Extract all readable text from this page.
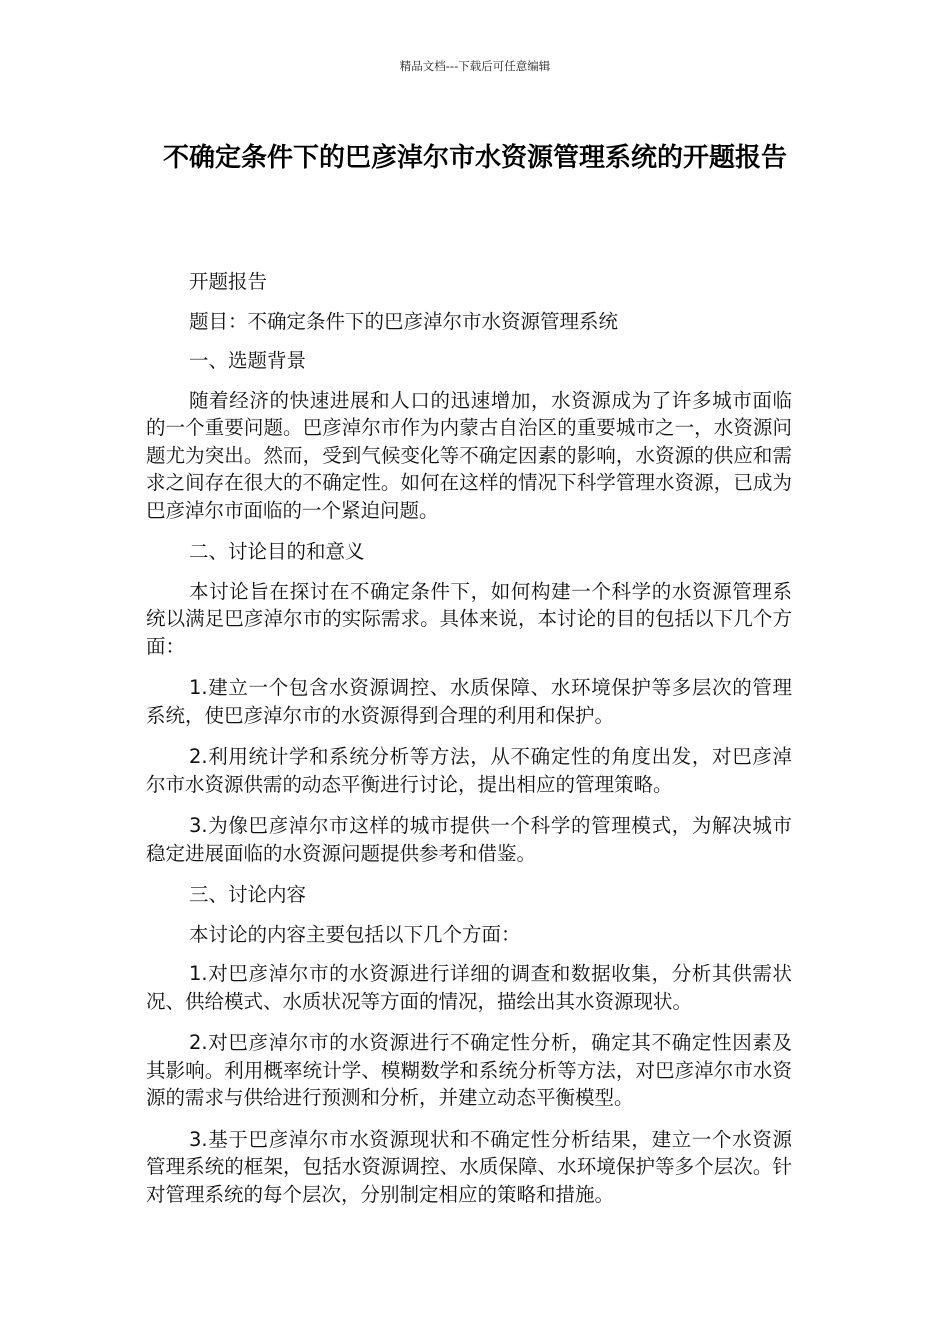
精品文档---下载后可任意编辑
不确定条件下的巴彦淖尔市水资源管理系统的开题报告

开题报告

题目：不确定条件下的巴彦淖尔市水资源管理系统

一、选题背景

随着经济的快速进展和人口的迅速增加，水资源成为了许多城市面临的一个重要问题。巴彦淖尔市作为内蒙古自治区的重要城市之一，水资源问题尤为突出。然而，受到气候变化等不确定因素的影响，水资源的供应和需求之间存在很大的不确定性。如何在这样的情况下科学管理水资源，已成为巴彦淖尔市面临的一个紧迫问题。

二、讨论目的和意义

本讨论旨在探讨在不确定条件下，如何构建一个科学的水资源管理系统以满足巴彦淖尔市的实际需求。具体来说，本讨论的目的包括以下几个方面：

1.建立一个包含水资源调控、水质保障、水环境保护等多层次的管理系统，使巴彦淖尔市的水资源得到合理的利用和保护。

2.利用统计学和系统分析等方法，从不确定性的角度出发，对巴彦淖尔市水资源供需的动态平衡进行讨论，提出相应的管理策略。

3.为像巴彦淖尔市这样的城市提供一个科学的管理模式，为解决城市稳定进展面临的水资源问题提供参考和借鉴。

三、讨论内容

本讨论的内容主要包括以下几个方面：

1.对巴彦淖尔市的水资源进行详细的调查和数据收集，分析其供需状况、供给模式、水质状况等方面的情况，描绘出其水资源现状。

2.对巴彦淖尔市的水资源进行不确定性分析，确定其不确定性因素及其影响。利用概率统计学、模糊数学和系统分析等方法，对巴彦淖尔市水资源的需求与供给进行预测和分析，并建立动态平衡模型。

3.基于巴彦淖尔市水资源现状和不确定性分析结果，建立一个水资源管理系统的框架，包括水资源调控、水质保障、水环境保护等多个层次。针对管理系统的每个层次，分别制定相应的策略和措施。
